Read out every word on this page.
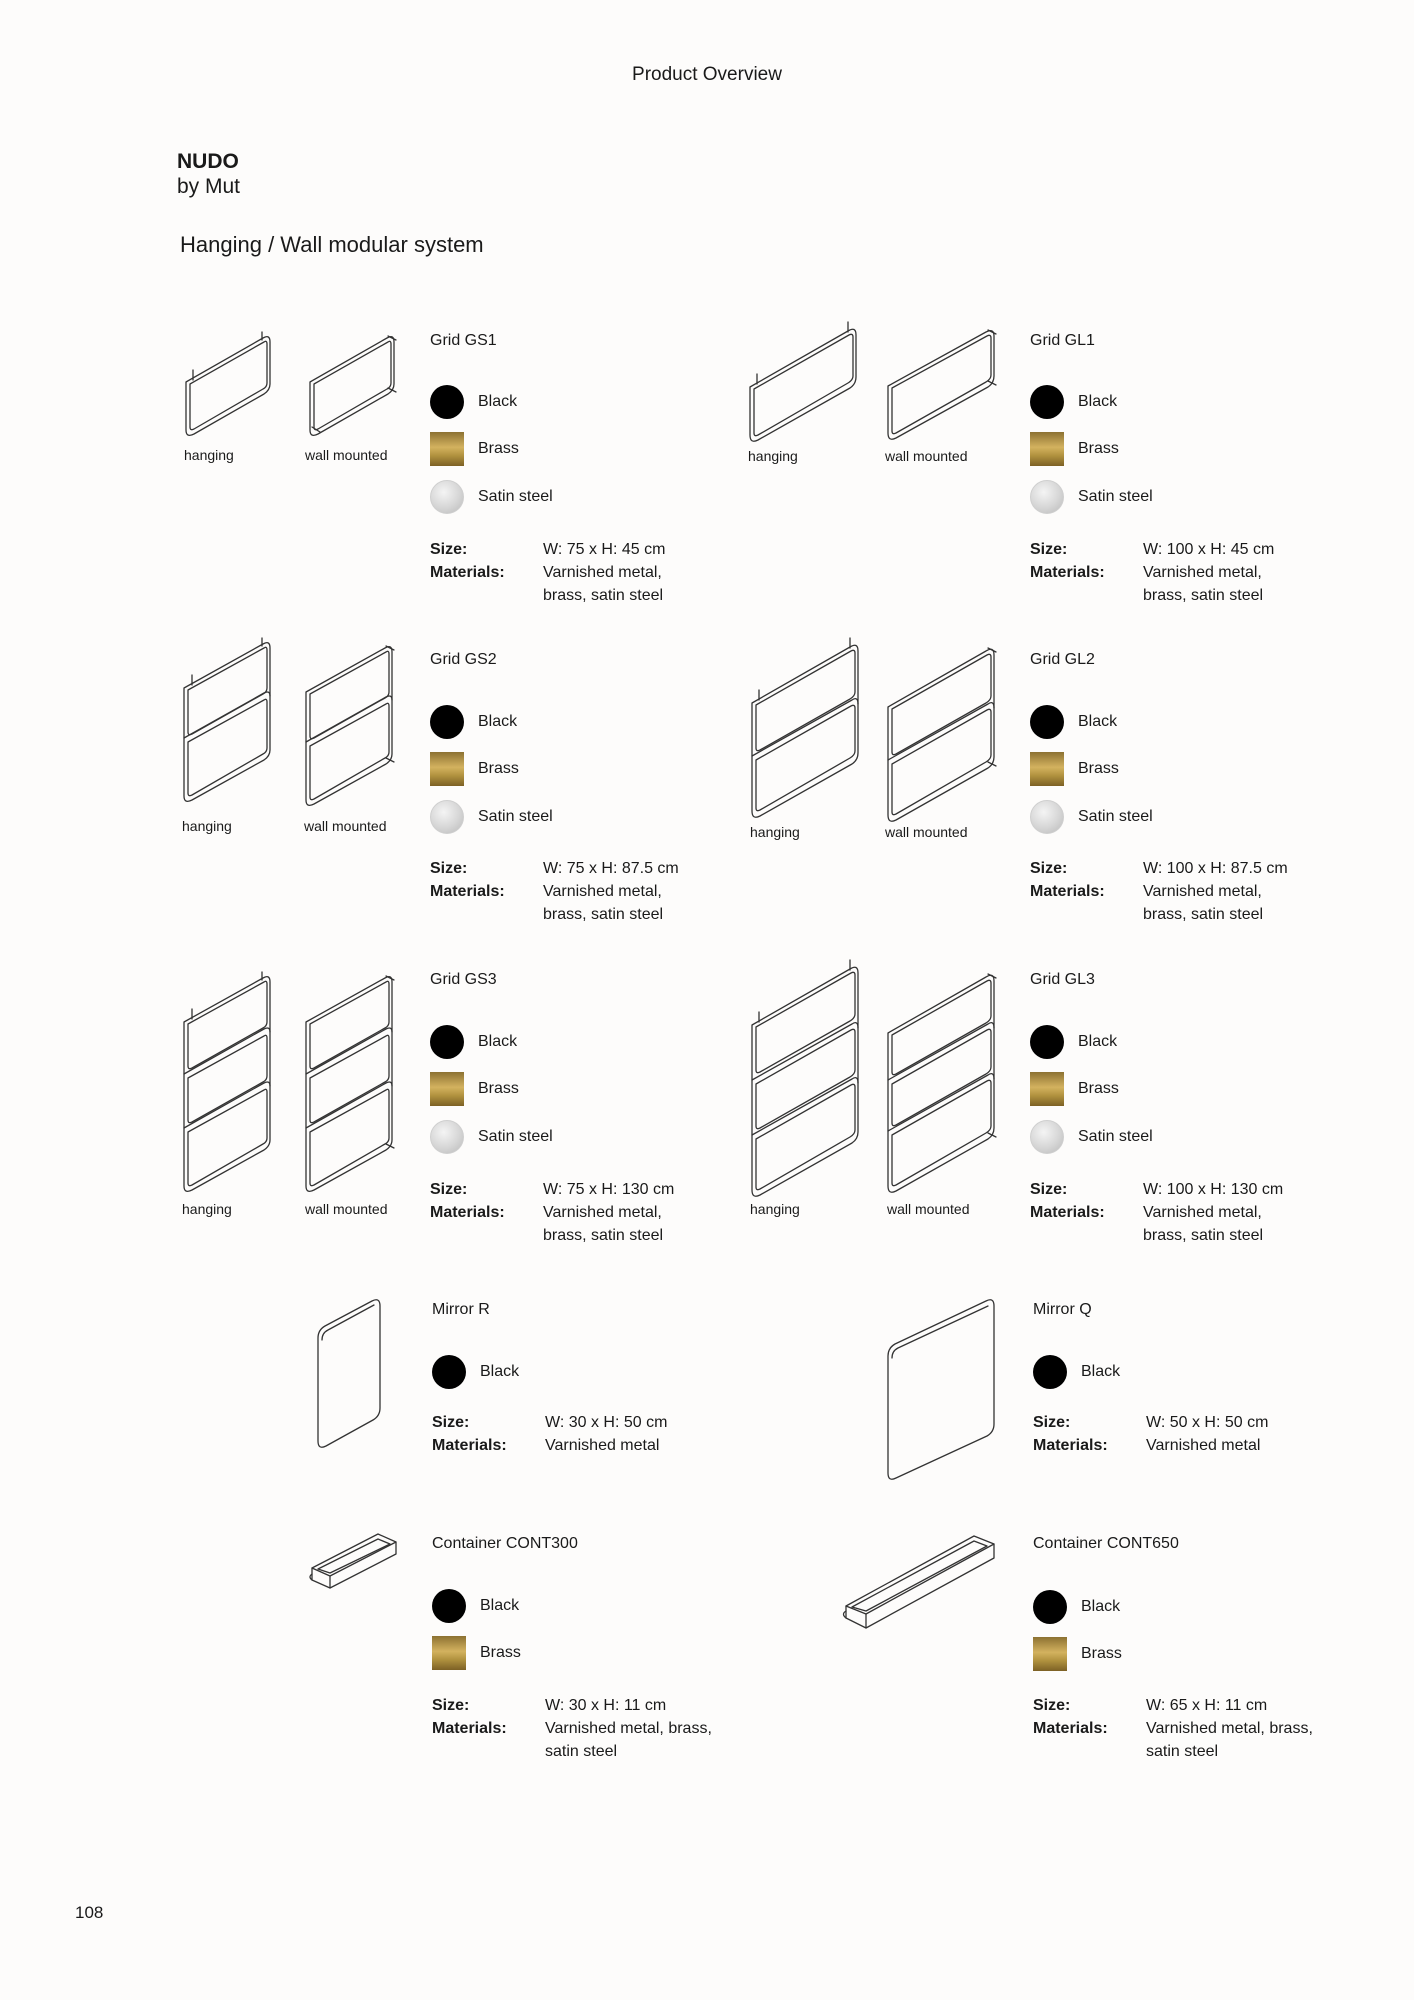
Product Overview
NUDO
by Mut
Hanging / Wall modular system
hanging	wall mounted
Grid GS1
Black
Brass
Satin steel
Size:	W: 75 x H: 45 cm
Materials: Varnished metal,
brass, satin steel
hanging	wall mounted
Grid GL1
Black
Brass
Satin steel
Size:	W: 100 x H: 45 cm
Materials: Varnished metal,
brass, satin steel
hanging	wall mounted
Grid GS2
Black
Brass
Satin steel
Size:	W: 75 x H: 87.5 cm
Materials: Varnished metal,
brass, satin steel
hanging	wall mounted
Grid GL2
Black
Brass
Satin steel
Size:	W: 100 x H: 87.5 cm
Materials: Varnished metal,
brass, satin steel
hanging	wall mounted
Grid GS3
Black
Brass
Satin steel
Size:	W: 75 x H: 130 cm
Materials: Varnished metal,
brass, satin steel
hanging	wall mounted
Grid GL3
Black
Brass
Satin steel
Size:	W: 100 x H: 130 cm
Materials: Varnished metal,
brass, satin steel
Mirror R
Black
Size:	W: 30 x H: 50 cm
Materials: Varnished metal
Mirror Q
Black
Size:	W: 50 x H: 50 cm
Materials: Varnished metal
Container CONT300
Black
Brass
Size:	W: 30 x H: 11 cm
Materials: Varnished metal, brass,
satin steel
Container CONT650
Black
Brass
Size:	W: 65 x H: 11 cm
Materials: Varnished metal, brass,
satin steel
108
